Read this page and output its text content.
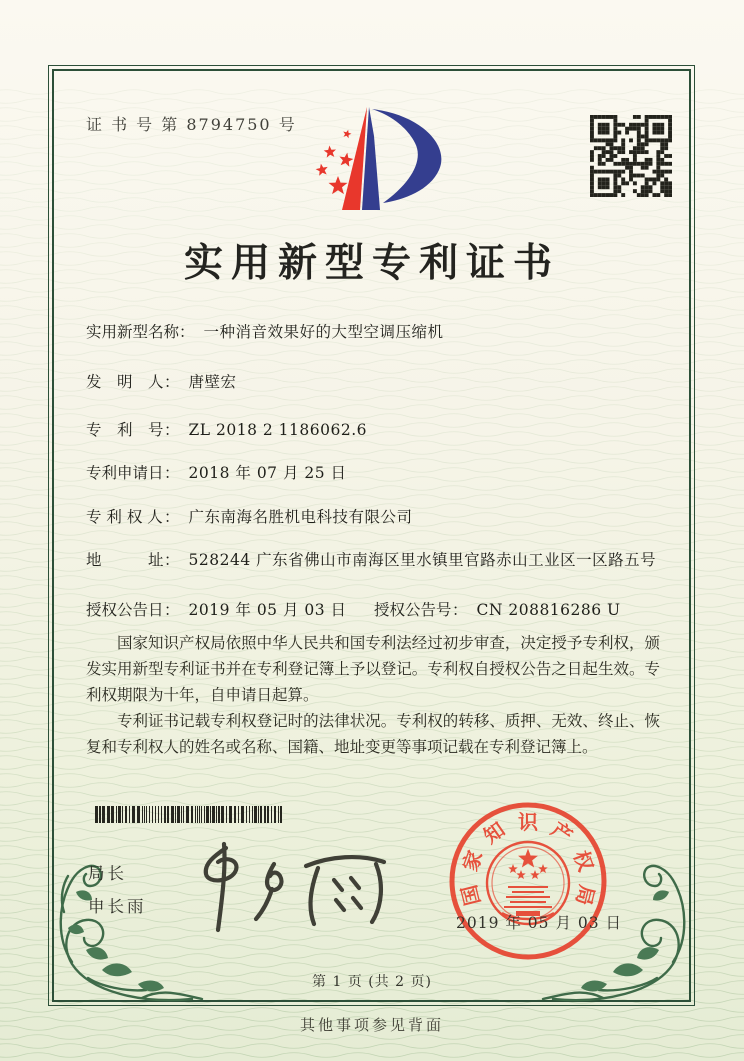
证 书 号 第 8794750 号
实用新型专利证书
实用新型名称： 一种消音效果好的大型空调压缩机
发　明　人： 唐壁宏
专　利　号： ZL 2018 2 1186062.6
专利申请日： 2018 年 07 月 25 日
专 利 权 人： 广东南海名胜机电科技有限公司
地　　　址： 528244 广东省佛山市南海区里水镇里官路赤山工业区一区路五号
授权公告日： 2019 年 05 月 03 日 授权公告号： CN 208816286 U

国家知识产权局依照中华人民共和国专利法经过初步审查，决定授予专利权，颁发实用新型专利证书并在专利登记簿上予以登记。专利权自授权公告之日起生效。专利权期限为十年，自申请日起算。

专利证书记载专利权登记时的法律状况。专利权的转移、质押、无效、终止、恢复和专利权人的姓名或名称、国籍、地址变更等事项记载在专利登记簿上。

局长
申长雨	国
家
知 识 产
权
局
2019 年 05 月 03 日
第 1 页 (共 2 页)
其他事项参见背面
